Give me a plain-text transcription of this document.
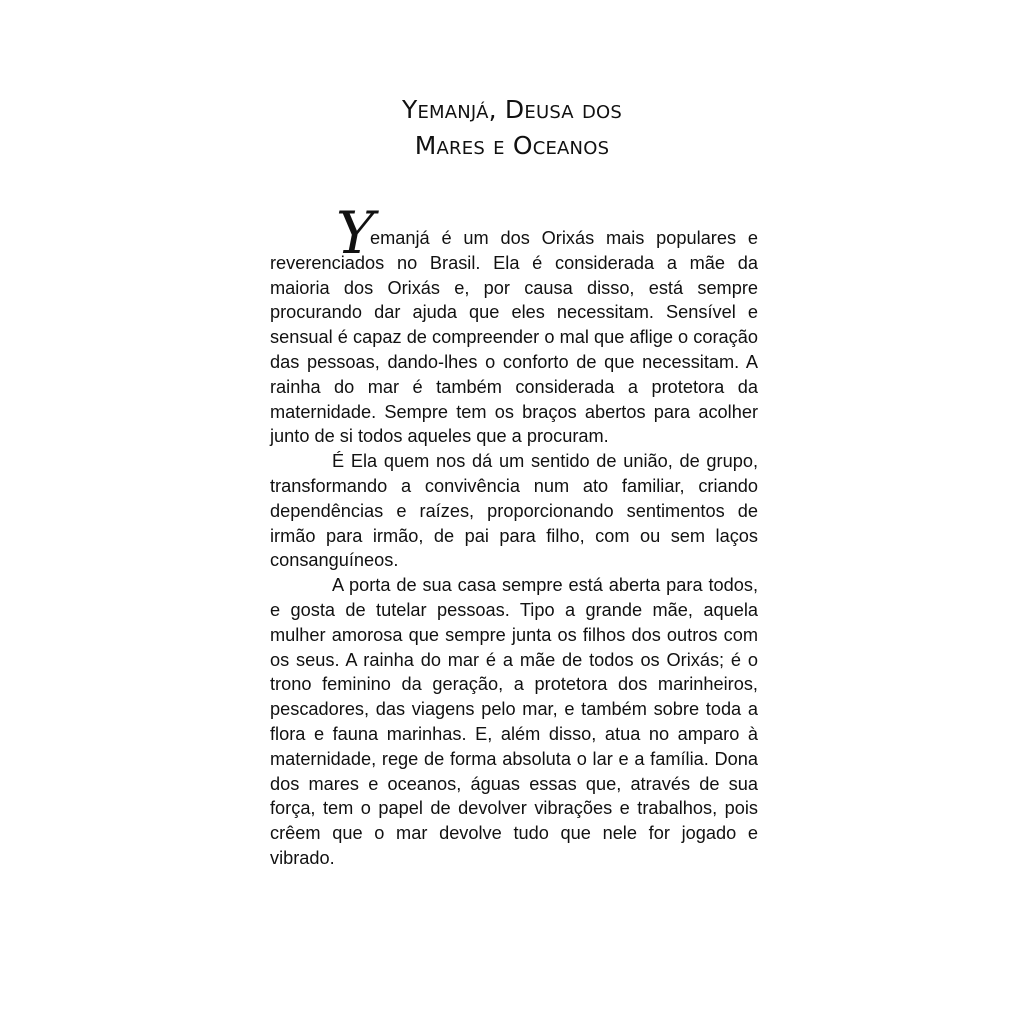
Yemanjá, Deusa dos
Mares e Oceanos

Y
emanjá é um dos Orixás mais populares e reverenciados no Brasil. Ela é considerada a mãe da maioria dos Orixás e, por causa disso, está sempre procurando dar ajuda que eles necessitam. Sensível e sensual é capaz de compreender o mal que aflige o coração das pessoas, dando-lhes o conforto de que necessitam. A rainha do mar é também considerada a protetora da maternidade. Sempre tem os braços abertos para acolher junto de si todos aqueles que a procuram.

É Ela quem nos dá um sentido de união, de grupo, transformando a convivência num ato familiar, criando dependências e raízes, proporcionando sentimentos de irmão para irmão, de pai para filho, com ou sem laços consanguíneos.

A porta de sua casa sempre está aberta para todos, e gosta de tutelar pessoas. Tipo a grande mãe, aquela mulher amorosa que sempre junta os filhos dos outros com os seus. A rainha do mar é a mãe de todos os Orixás; é o trono feminino da geração, a protetora dos marinheiros, pescadores, das viagens pelo mar, e também sobre toda a flora e fauna marinhas. E, além disso, atua no amparo à maternidade, rege de forma absoluta o lar e a família. Dona dos mares e oceanos, águas essas que, através de sua força, tem o papel de devolver vibrações e trabalhos, pois crêem que o mar devolve tudo que nele for jogado e vibrado.
